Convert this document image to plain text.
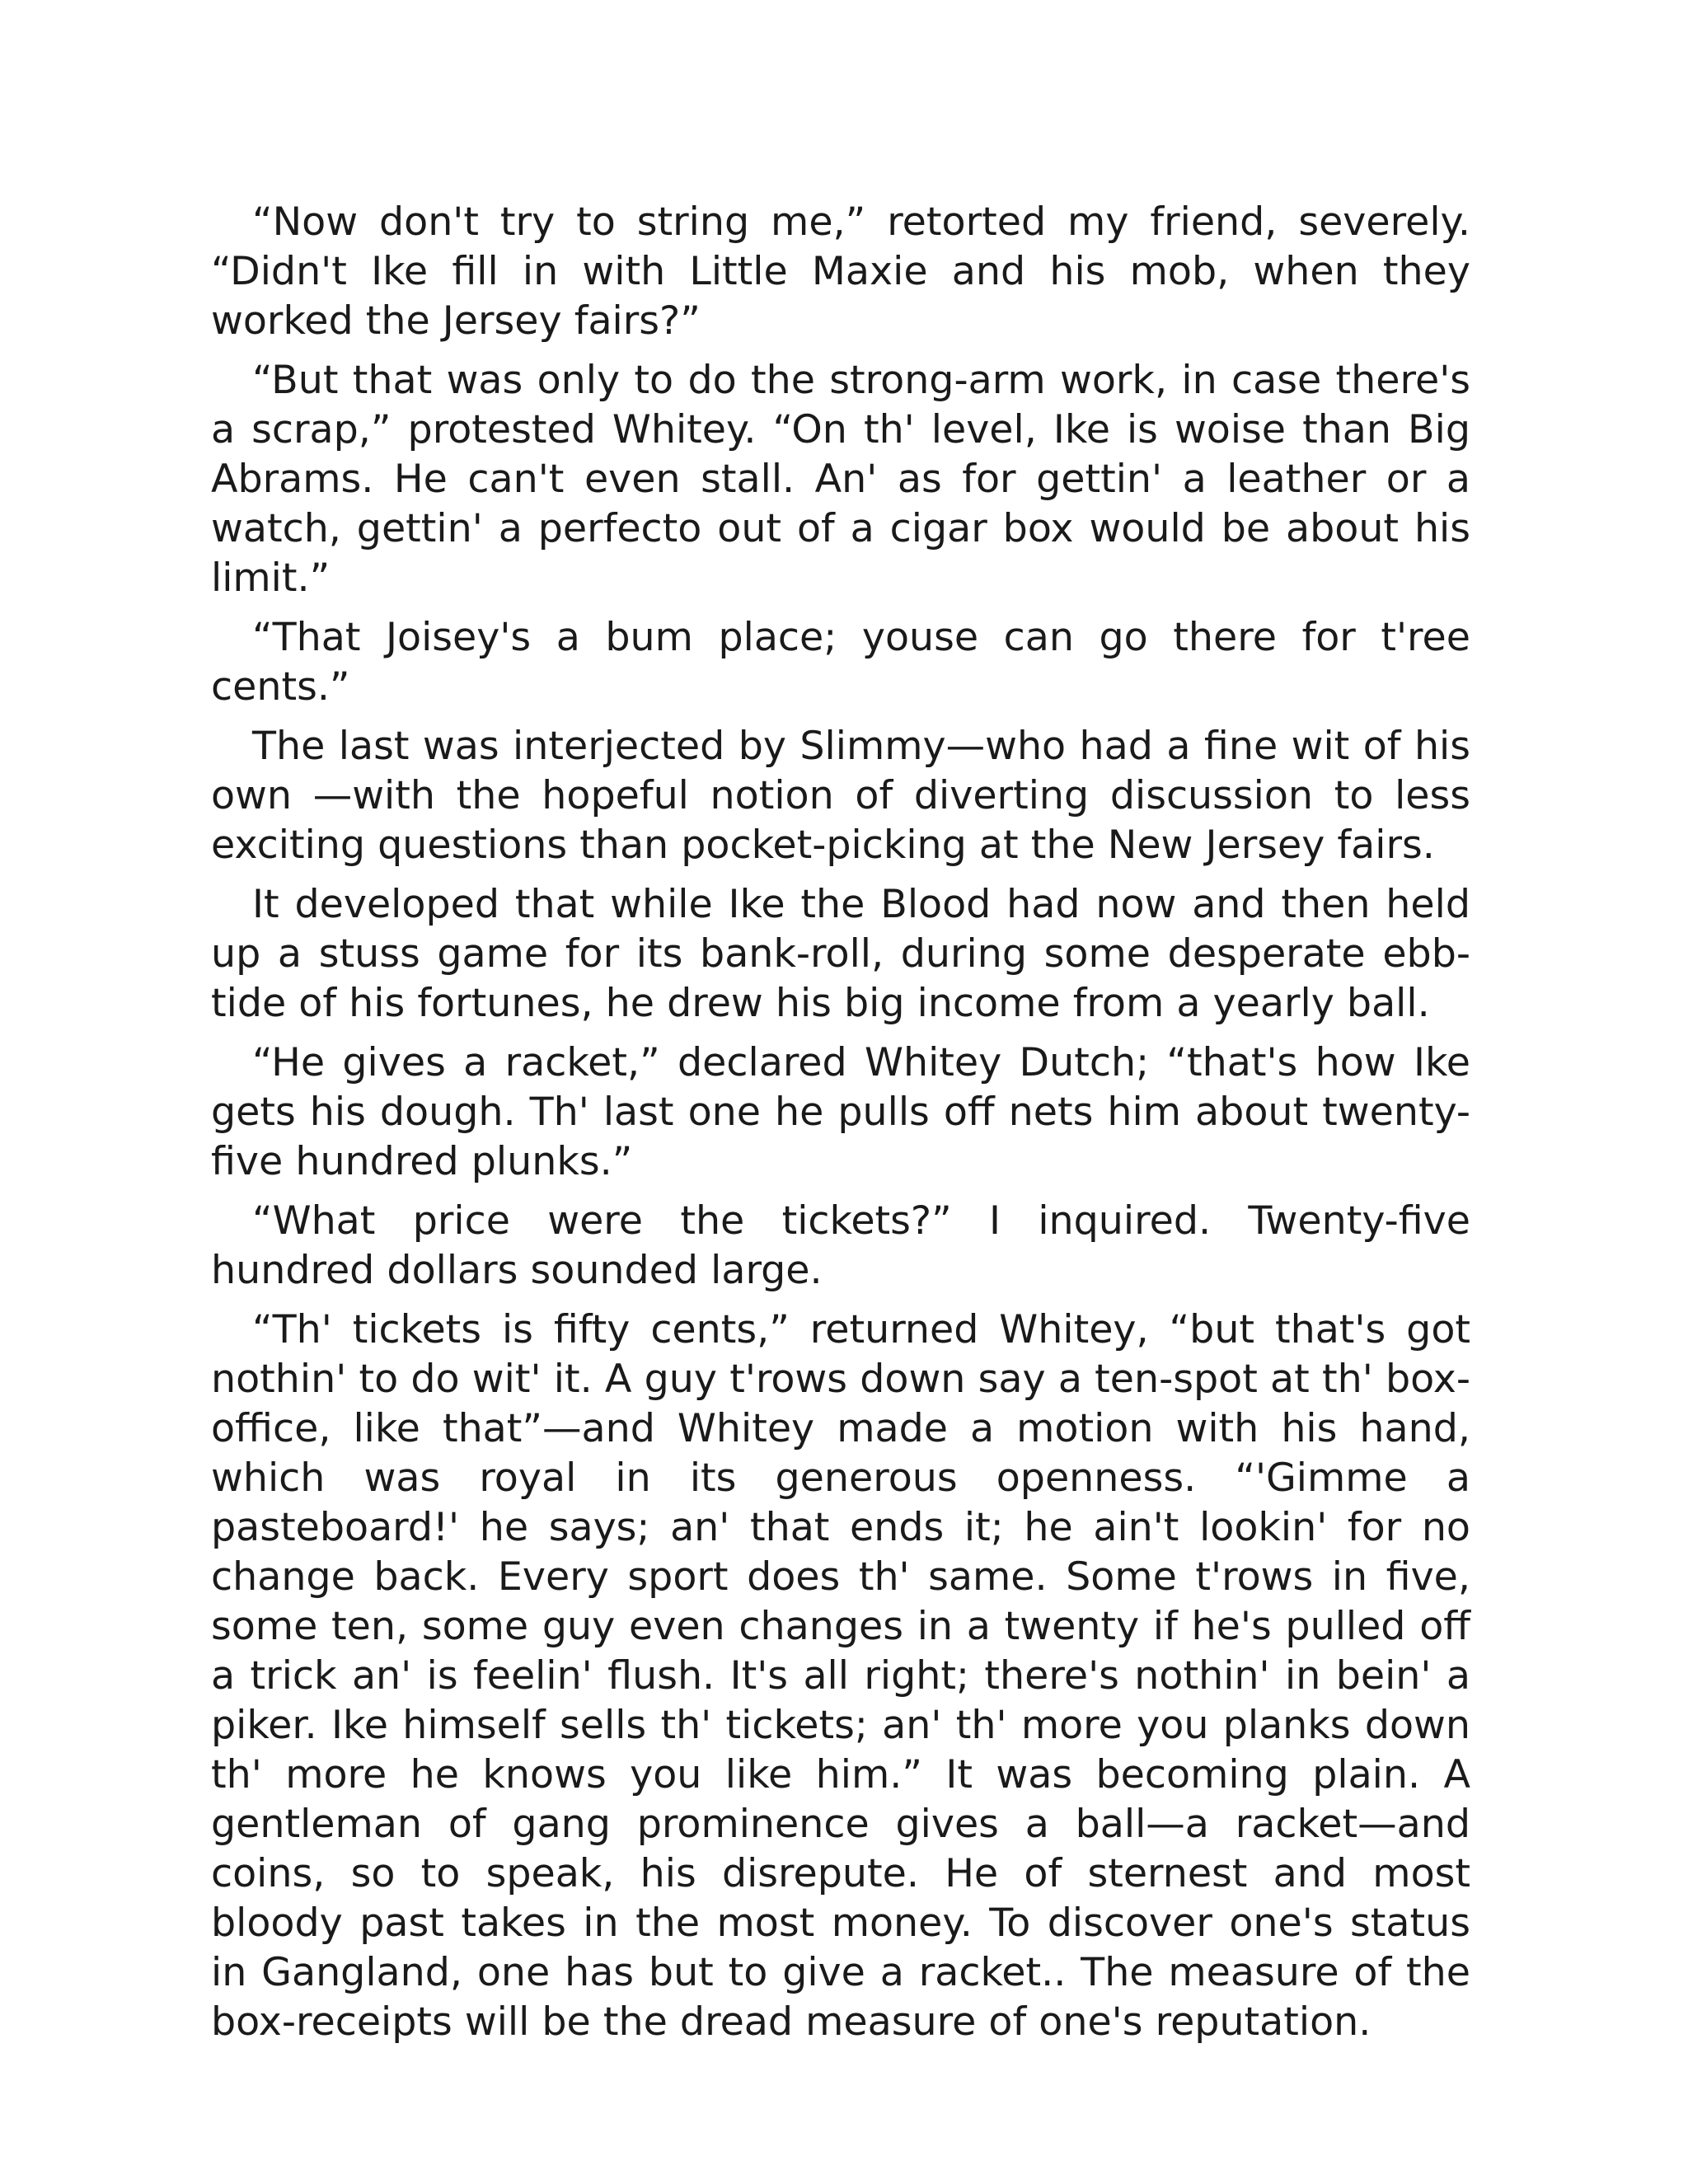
“Now don't try to string me,” retorted my friend, severely. “Didn't Ike fill in with Little Maxie and his mob, when they worked the Jersey fairs?”

“But that was only to do the strong-arm work, in case there's a scrap,” protested Whitey. “On th' level, Ike is woise than Big Abrams. He can't even stall. An' as for gettin' a leather or a watch, gettin' a perfecto out of a cigar box would be about his limit.”

“That Joisey's a bum place; youse can go there for t'ree cents.”

The last was interjected by Slimmy—who had a fine wit of his own —with the hopeful notion of diverting discussion to less exciting questions than pocket-picking at the New Jersey fairs.

It developed that while Ike the Blood had now and then held up a stuss game for its bank-roll, during some desperate ebb-tide of his fortunes, he drew his big income from a yearly ball.

“He gives a racket,” declared Whitey Dutch; “that's how Ike gets his dough. Th' last one he pulls off nets him about twenty-five hundred plunks.”

“What price were the tickets?” I inquired. Twenty-five hundred dollars sounded large.

“Th' tickets is fifty cents,” returned Whitey, “but that's got nothin' to do wit' it. A guy t'rows down say a ten-spot at th' box-office, like that”—and Whitey made a motion with his hand, which was royal in its generous openness. “'Gimme a pasteboard!' he says; an' that ends it; he ain't lookin' for no change back. Every sport does th' same. Some t'rows in five, some ten, some guy even changes in a twenty if he's pulled off a trick an' is feelin' flush. It's all right; there's nothin' in bein' a piker. Ike himself sells th' tickets; an' th' more you planks down th' more he knows you like him.” It was becoming plain. A gentleman of gang prominence gives a ball—a racket—and coins, so to speak, his disrepute. He of sternest and most bloody past takes in the most money. To discover one's status in Gangland, one has but to give a racket.. The measure of the box-receipts will be the dread measure of one's reputation.
